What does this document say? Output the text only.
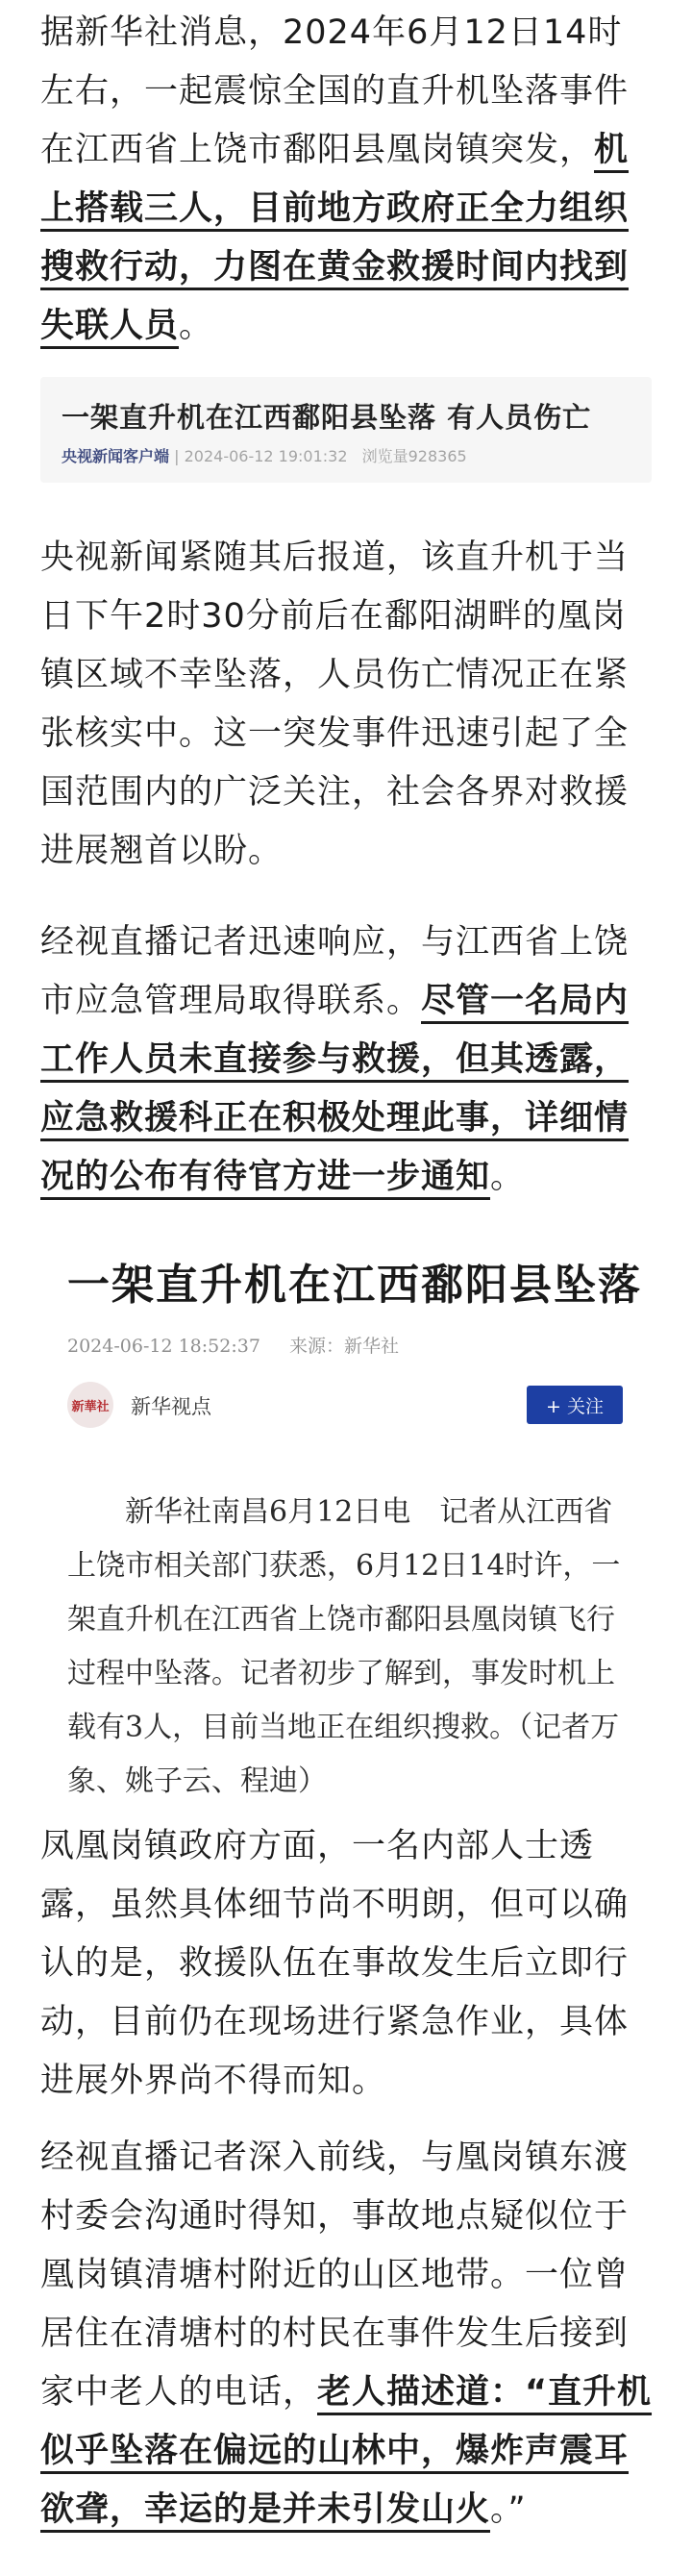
据新华社消息，2024年6月12日14时左右，一起震惊全国的直升机坠落事件在江西省上饶市鄱阳县凰岗镇突发，机上搭载三人，目前地方政府正全力组织搜救行动，力图在黄金救援时间内找到失联人员。

一架直升机在江西鄱阳县坠落 有人员伤亡
央视新闻客户端 | 2024-06-12 19:01:32 浏览量928365

央视新闻紧随其后报道，该直升机于当日下午2时30分前后在鄱阳湖畔的凰岗镇区域不幸坠落，人员伤亡情况正在紧张核实中。这一突发事件迅速引起了全国范围内的广泛关注，社会各界对救援进展翘首以盼。

经视直播记者迅速响应，与江西省上饶市应急管理局取得联系。尽管一名局内工作人员未直接参与救援，但其透露，应急救援科正在积极处理此事，详细情况的公布有待官方进一步通知。

一架直升机在江西鄱阳县坠落
2024-06-12 18:52:37 来源：新华社
新華社 新华视点	+ 关注

新华社南昌6月12日电　记者从江西省上饶市相关部门获悉，6月12日14时许，一架直升机在江西省上饶市鄱阳县凰岗镇飞行过程中坠落。记者初步了解到，事发时机上载有3人，目前当地正在组织搜救。（记者万象、姚子云、程迪）

凤凰岗镇政府方面，一名内部人士透露，虽然具体细节尚不明朗，但可以确认的是，救援队伍在事故发生后立即行动，目前仍在现场进行紧急作业，具体进展外界尚不得而知。

经视直播记者深入前线，与凰岗镇东渡村委会沟通时得知，事故地点疑似位于凰岗镇清塘村附近的山区地带。一位曾居住在清塘村的村民在事件发生后接到家中老人的电话，老人描述道：“直升机似乎坠落在偏远的山林中，爆炸声震耳欲聋，幸运的是并未引发山火。”
